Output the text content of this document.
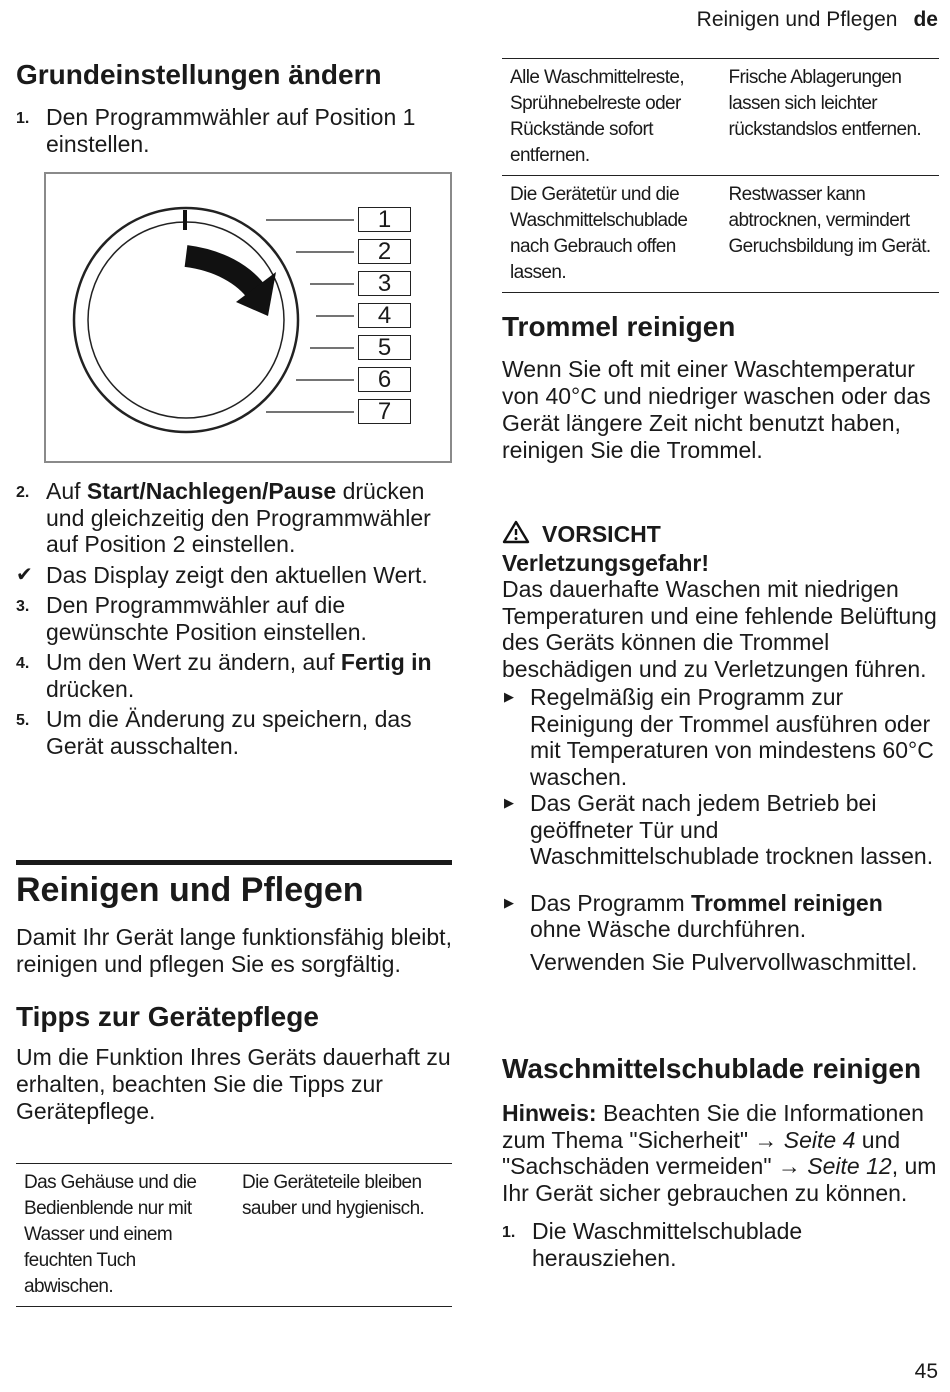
Reinigen und Pflegen de
Grundeinstellungen ändern
1. Den Programmwähler auf Position 1 einstellen.
1
2
3
4
5
6
7
2. Auf Start/Nachlegen/Pause drücken und gleichzeitig den Programmwähler auf Position 2 einstellen.
✔ Das Display zeigt den aktuellen Wert.
3. Den Programmwähler auf die gewünschte Position einstellen.
4. Um den Wert zu ändern, auf Fertig in drücken.
5. Um die Änderung zu speichern, das Gerät ausschalten.
Reinigen und Pflegen
Damit Ihr Gerät lange funktionsfähig bleibt, reinigen und pflegen Sie es sorgfältig.
Tipps zur Gerätepflege
Um die Funktion Ihres Geräts dauerhaft zu erhalten, beachten Sie die Tipps zur Gerätepflege.
Das Gehäuse und die Bedienblende nur mit Wasser und einem feuchten Tuch abwischen.	Die Geräteteile bleiben sauber und hygienisch.
Alle Waschmittelreste, Sprühnebelreste oder Rückstände sofort entfernen.	Frische Ablagerungen lassen sich leichter rückstandslos entfernen.
Die Gerätetür und die Waschmittelschublade nach Gebrauch offen lassen.	Restwasser kann abtrocknen, vermindert Geruchsbildung im Gerät.
Trommel reinigen
Wenn Sie oft mit einer Waschtemperatur von 40°C und niedriger waschen oder das Gerät längere Zeit nicht benutzt haben, reinigen Sie die Trommel.
VORSICHT
Verletzungsgefahr!
Das dauerhafte Waschen mit niedrigen Temperaturen und eine fehlende Belüftung des Geräts können die Trommel beschädigen und zu Verletzungen führen.
▶ Regelmäßig ein Programm zur Reinigung der Trommel ausführen oder mit Temperaturen von mindestens 60°C waschen.
▶ Das Gerät nach jedem Betrieb bei geöffneter Tür und Waschmittelschublade trocknen lassen.
▶ Das Programm Trommel reinigen ohne Wäsche durchführen.
Verwenden Sie Pulvervollwaschmittel.
Waschmittelschublade reinigen
Hinweis: Beachten Sie die Informationen zum Thema "Sicherheit" → Seite 4 und "Sachschäden vermeiden" → Seite 12, um Ihr Gerät sicher gebrauchen zu können.
1. Die Waschmittelschublade herausziehen.
45
